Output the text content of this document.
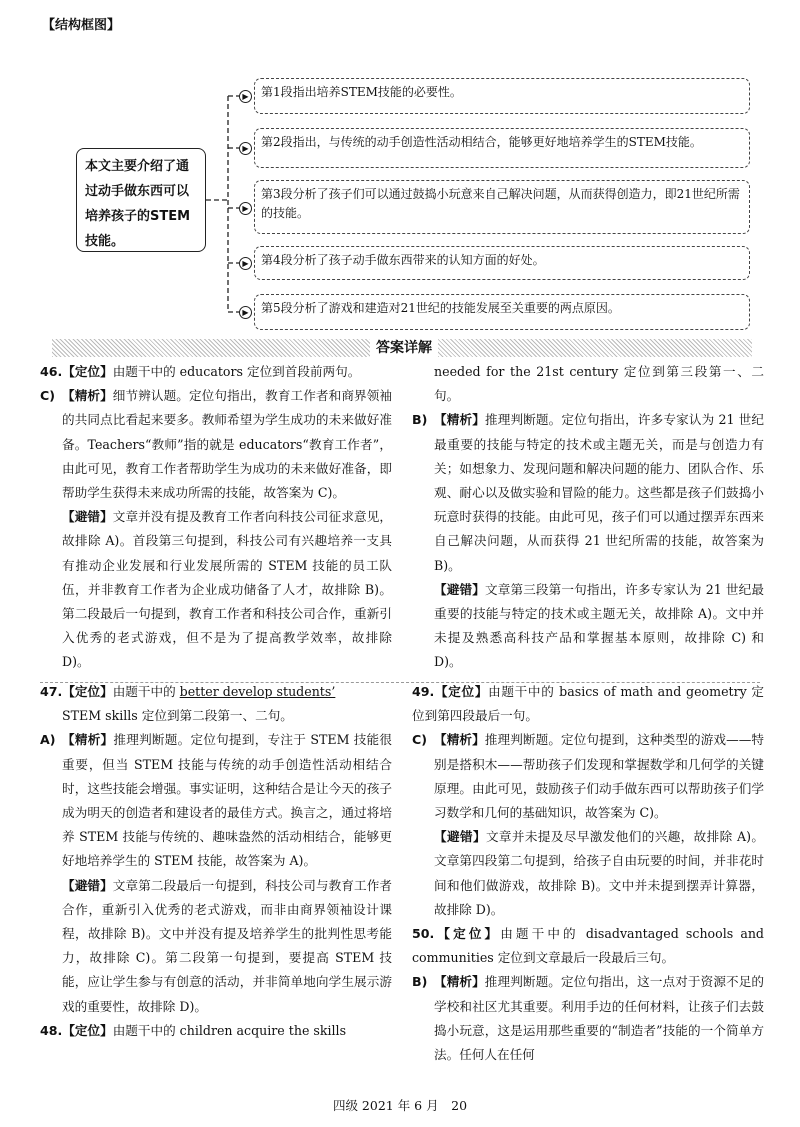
【结构框图】
本文主要介绍了通过动手做东西可以培养孩子的STEM技能。
▶
▶
▶
▶
▶
第1段指出培养STEM技能的必要性。
第2段指出，与传统的动手创造性活动相结合，能够更好地培养学生的STEM技能。
第3段分析了孩子们可以通过鼓捣小玩意来自己解决问题，从而获得创造力，即21世纪所需的技能。
第4段分析了孩子动手做东西带来的认知方面的好处。
第5段分析了游戏和建造对21世纪的技能发展至关重要的两点原因。
答案详解
46.【定位】由题干中的 educators 定位到首段前两句。
C) 【精析】细节辨认题。定位句指出，教育工作者和商界领袖的共同点比看起来要多。教师希望为学生成功的未来做好准备。Teachers“教师”指的就是 educators“教育工作者”，由此可见，教育工作者帮助学生为成功的未来做好准备，即帮助学生获得未来成功所需的技能，故答案为 C)。
【避错】文章并没有提及教育工作者向科技公司征求意见，故排除 A)。首段第三句提到，科技公司有兴趣培养一支具有推动企业发展和行业发展所需的 STEM 技能的员工队伍，并非教育工作者为企业成功储备了人才，故排除 B)。第二段最后一句提到，教育工作者和科技公司合作，重新引入优秀的老式游戏，但不是为了提高教学效率，故排除 D)。
47.【定位】由题干中的 better develop students’
STEM skills 定位到第二段第一、二句。
A) 【精析】推理判断题。定位句提到，专注于 STEM 技能很重要，但当 STEM 技能与传统的动手创造性活动相结合时，这些技能会增强。事实证明，这种结合是让今天的孩子成为明天的创造者和建设者的最佳方式。换言之，通过将培养 STEM 技能与传统的、趣味盎然的活动相结合，能够更好地培养学生的 STEM 技能，故答案为 A)。
【避错】文章第二段最后一句提到，科技公司与教育工作者合作，重新引入优秀的老式游戏，而非由商界领袖设计课程，故排除 B)。文中并没有提及培养学生的批判性思考能力，故排除 C)。第二段第一句提到，要提高 STEM 技能，应让学生参与有创意的活动，并非简单地向学生展示游戏的重要性，故排除 D)。
48.【定位】由题干中的 children acquire the skills
needed for the 21st century 定位到第三段第一、二句。
B) 【精析】推理判断题。定位句指出，许多专家认为 21 世纪最重要的技能与特定的技术或主题无关，而是与创造力有关；如想象力、发现问题和解决问题的能力、团队合作、乐观、耐心以及做实验和冒险的能力。这些都是孩子们鼓捣小玩意时获得的技能。由此可见，孩子们可以通过摆弄东西来自己解决问题，从而获得 21 世纪所需的技能，故答案为 B)。
【避错】文章第三段第一句指出，许多专家认为 21 世纪最重要的技能与特定的技术或主题无关，故排除 A)。文中并未提及熟悉高科技产品和掌握基本原则，故排除 C) 和 D)。
49.【定位】由题干中的 basics of math and geometry 定位到第四段最后一句。
C) 【精析】推理判断题。定位句提到，这种类型的游戏——特别是搭积木——帮助孩子们发现和掌握数学和几何学的关键原理。由此可见，鼓励孩子们动手做东西可以帮助孩子们学习数学和几何的基础知识，故答案为 C)。
【避错】文章并未提及尽早激发他们的兴趣，故排除 A)。文章第四段第二句提到，给孩子自由玩要的时间，并非花时间和他们做游戏，故排除 B)。文中并未提到摆弄计算器，故排除 D)。
50.【定位】由题干中的 disadvantaged schools and communities 定位到文章最后一段最后三句。
B) 【精析】推理判断题。定位句指出，这一点对于资源不足的学校和社区尤其重要。利用手边的任何材料，让孩子们去鼓捣小玩意，这是运用那些重要的“制造者”技能的一个简单方法。任何人在任何
四级 2021 年 6 月　20
